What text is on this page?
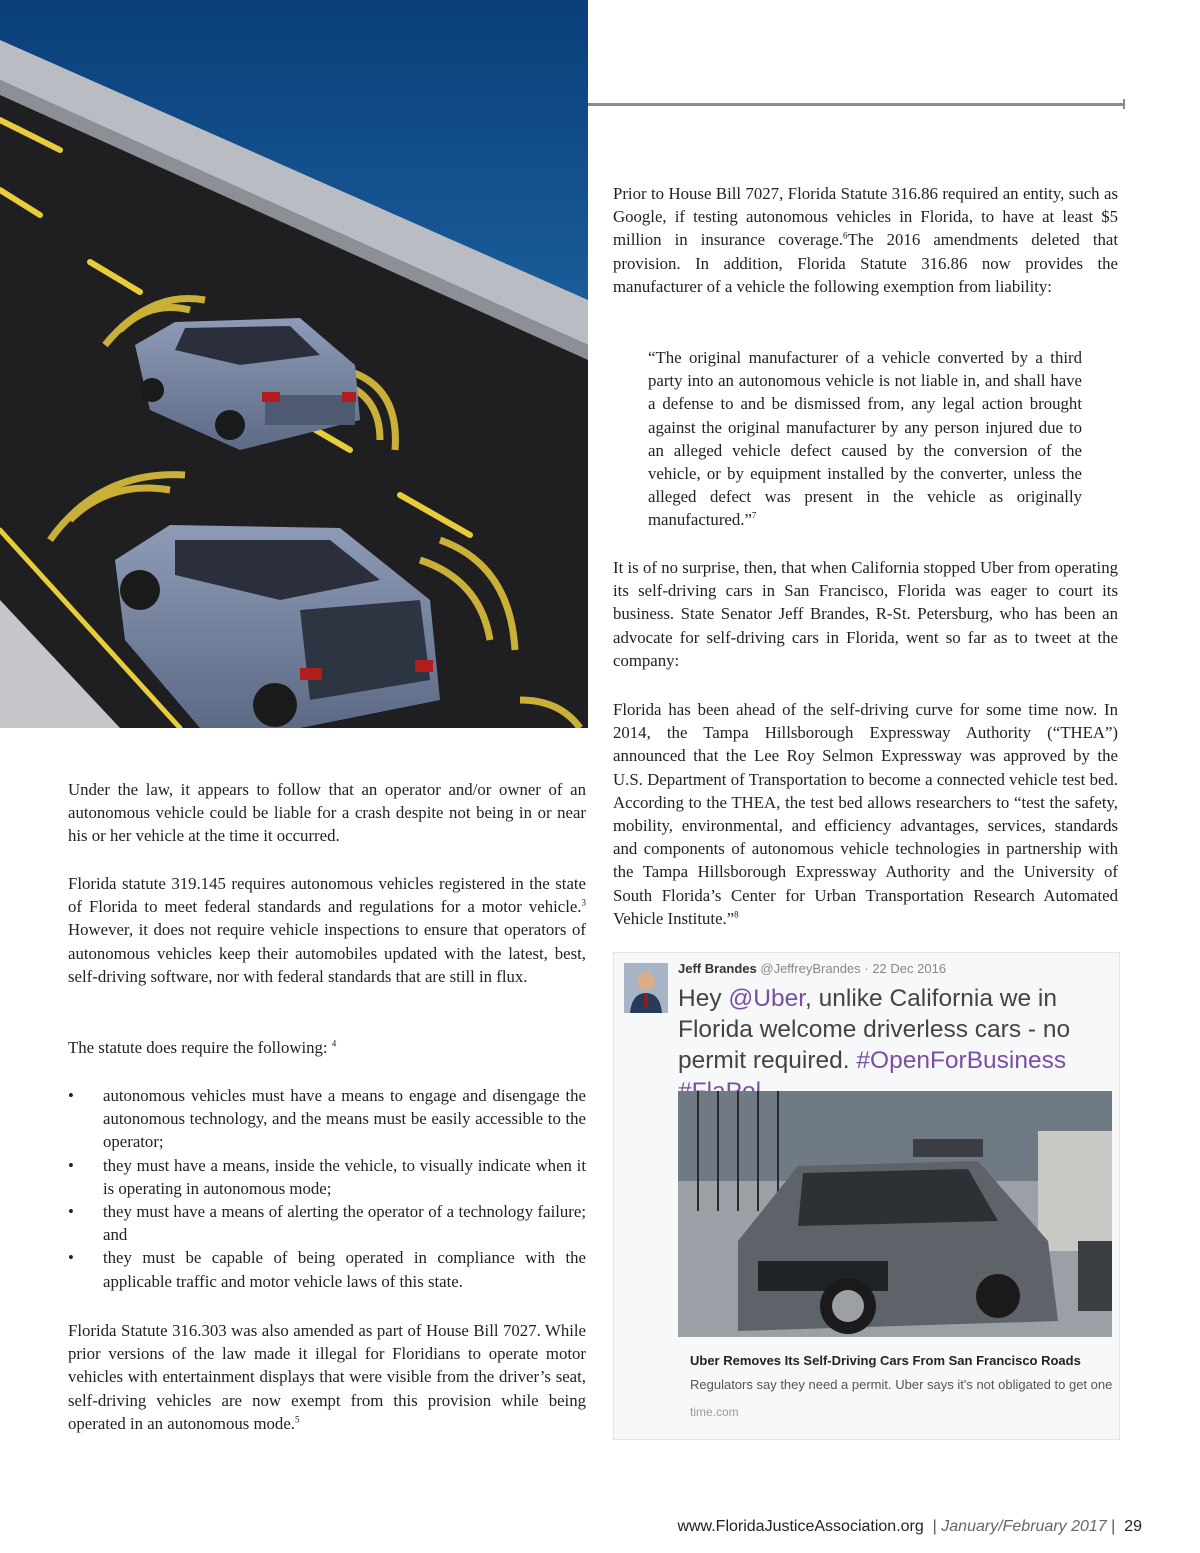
Prior to House Bill 7027, Florida Statute 316.86 required an entity, such as Google, if testing autonomous vehicles in Florida, to have at least $5 million in insurance coverage.$^6$The 2016 amendments deleted that provision. In addition, Florida Statute 316.86 now provides the manufacturer of a vehicle the following exemption from liability:

“The original manufacturer of a vehicle converted by a third party into an autonomous vehicle is not liable in, and shall have a defense to and be dismissed from, any legal action brought against the original manufacturer by any person injured due to an alleged vehicle defect caused by the conversion of the vehicle, or by equipment installed by the converter, unless the alleged defect was present in the vehicle as originally manufactured.”$^7$

It is of no surprise, then, that when California stopped Uber from operating its self-driving cars in San Francisco, Florida was eager to court its business. State Senator Jeff Brandes, R-St. Petersburg, who has been an advocate for self-driving cars in Florida, went so far as to tweet at the company:

Florida has been ahead of the self-driving curve for some time now. In 2014, the Tampa Hillsborough Expressway Authority (“THEA”) announced that the Lee Roy Selmon Expressway was approved by the U.S. Department of Transportation to become a connected vehicle test bed. According to the THEA, the test bed allows researchers to “test the safety, mobility, environmental, and efficiency advantages, services, standards and components of autonomous vehicle technologies in partnership with the Tampa Hillsborough Expressway Authority and the University of South Florida’s Center for Urban Transportation Research Automated Vehicle Institute.”$^8$

Jeff Brandes @JeffreyBrandes · 22 Dec 2016
Hey @Uber, unlike California we in Florida welcome driverless cars - no permit required. #OpenForBusiness
Uber Removes Its Self-Driving Cars From San Francisco Roads
Regulators say they need a permit. Uber says it's not obligated to get one
time.com

Under the law, it appears to follow that an operator and/or owner of an autonomous vehicle could be liable for a crash despite not being in or near his or her vehicle at the time it occurred.

Florida statute 319.145 requires autonomous vehicles registered in the state of Florida to meet federal standards and regulations for a motor vehicle.$^3$ However, it does not require vehicle inspections to ensure that operators of autonomous vehicles keep their automobiles updated with the latest, best, self-driving software, nor with federal standards that are still in flux.

The statute does require the following: $^4$

• autonomous vehicles must have a means to engage and disengage the autonomous technology, and the means must be easily accessible to the operator;
• they must have a means, inside the vehicle, to visually indicate when it is operating in autonomous mode;
• they must have a means of alerting the operator of a technology failure; and
• they must be capable of being operated in compliance with the applicable traffic and motor vehicle laws of this state.

Florida Statute 316.303 was also amended as part of House Bill 7027. While prior versions of the law made it illegal for Floridians to operate motor vehicles with entertainment displays that were visible from the driver’s seat, self-driving vehicles are now exempt from this provision while being operated in an autonomous mode.$^5$

www.FloridaJusticeAssociation.org | January/February 2017 | 29
